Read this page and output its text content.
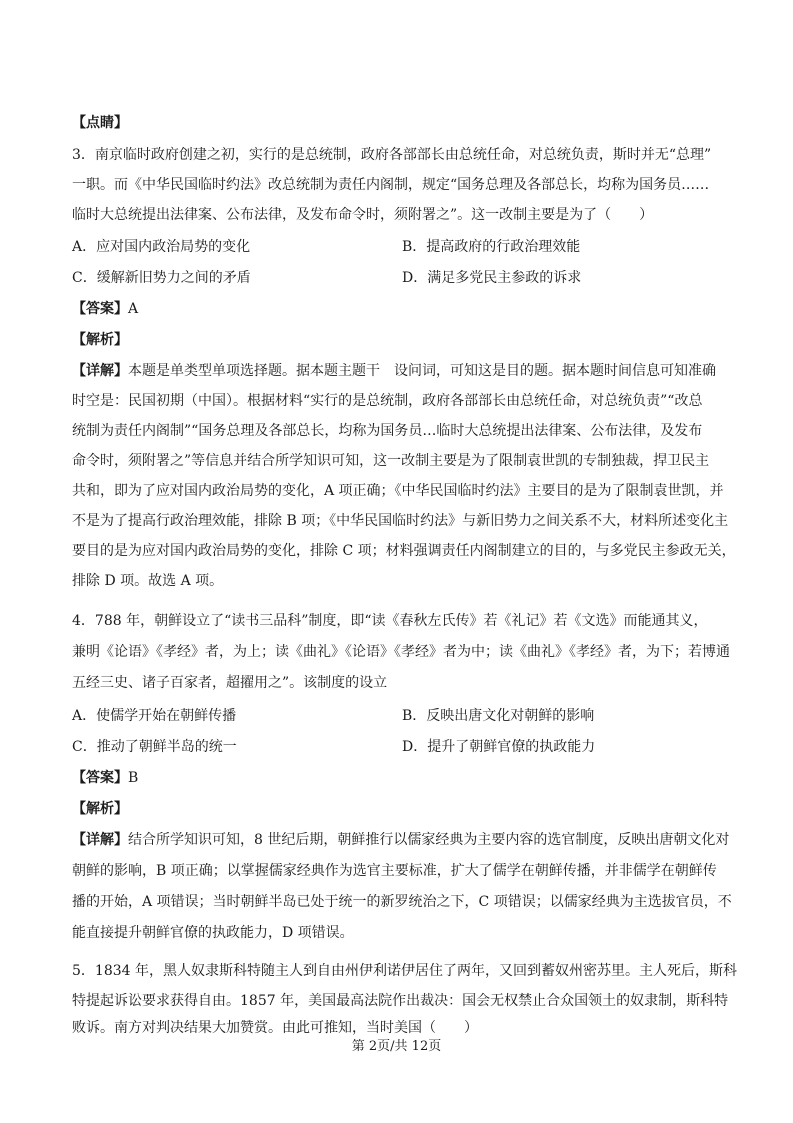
【点睛】
3．南京临时政府创建之初，实行的是总统制，政府各部部长由总统任命，对总统负责，斯时并无“总理”
一职。而《中华民国临时约法》改总统制为责任内阁制，规定“国务总理及各部总长，均称为国务员……
临时大总统提出法律案、公布法律，及发布命令时，须附署之”。这一改制主要是为了（　　）
A．应对国内政治局势的变化	B．提高政府的行政治理效能
C．缓解新旧势力之间的矛盾	D．满足多党民主参政的诉求
【答案】A
【解析】
【详解】本题是单类型单项选择题。据本题主题干　设问词，可知这是目的题。据本题时间信息可知准确
时空是：民国初期（中国）。根据材料“实行的是总统制，政府各部部长由总统任命，对总统负责”“改总
统制为责任内阁制”“国务总理及各部总长，均称为国务员…临时大总统提出法律案、公布法律，及发布
命令时，须附署之”等信息并结合所学知识可知，这一改制主要是为了限制袁世凯的专制独裁，捍卫民主
共和，即为了应对国内政治局势的变化，A 项正确；《中华民国临时约法》主要目的是为了限制袁世凯，并
不是为了提高行政治理效能，排除 B 项；《中华民国临时约法》与新旧势力之间关系不大，材料所述变化主
要目的是为应对国内政治局势的变化，排除 C 项；材料强调责任内阁制建立的目的，与多党民主参政无关，
排除 D 项。故选 A 项。
4．788 年，朝鲜设立了“读书三品科”制度，即“读《春秋左氏传》若《礼记》若《文选》而能通其义，
兼明《论语》《孝经》者，为上；读《曲礼》《论语》《孝经》者为中；读《曲礼》《孝经》者，为下；若博通
五经三史、诸子百家者，超擢用之”。该制度的设立
A．使儒学开始在朝鲜传播	B．反映出唐文化对朝鲜的影响
C．推动了朝鲜半岛的统一	D．提升了朝鲜官僚的执政能力
【答案】B
【解析】
【详解】结合所学知识可知，8 世纪后期，朝鲜推行以儒家经典为主要内容的选官制度，反映出唐朝文化对
朝鲜的影响，B 项正确；以掌握儒家经典作为选官主要标准，扩大了儒学在朝鲜传播，并非儒学在朝鲜传
播的开始，A 项错误；当时朝鲜半岛已处于统一的新罗统治之下，C 项错误；以儒家经典为主选拔官员，不
能直接提升朝鲜官僚的执政能力，D 项错误。
5．1834 年，黑人奴隶斯科特随主人到自由州伊利诺伊居住了两年，又回到蓄奴州密苏里。主人死后，斯科
特提起诉讼要求获得自由。1857 年，美国最高法院作出裁决：国会无权禁止合众国领土的奴隶制，斯科特
败诉。南方对判决结果大加赞赏。由此可推知，当时美国（　　）
第 2页/共 12页
